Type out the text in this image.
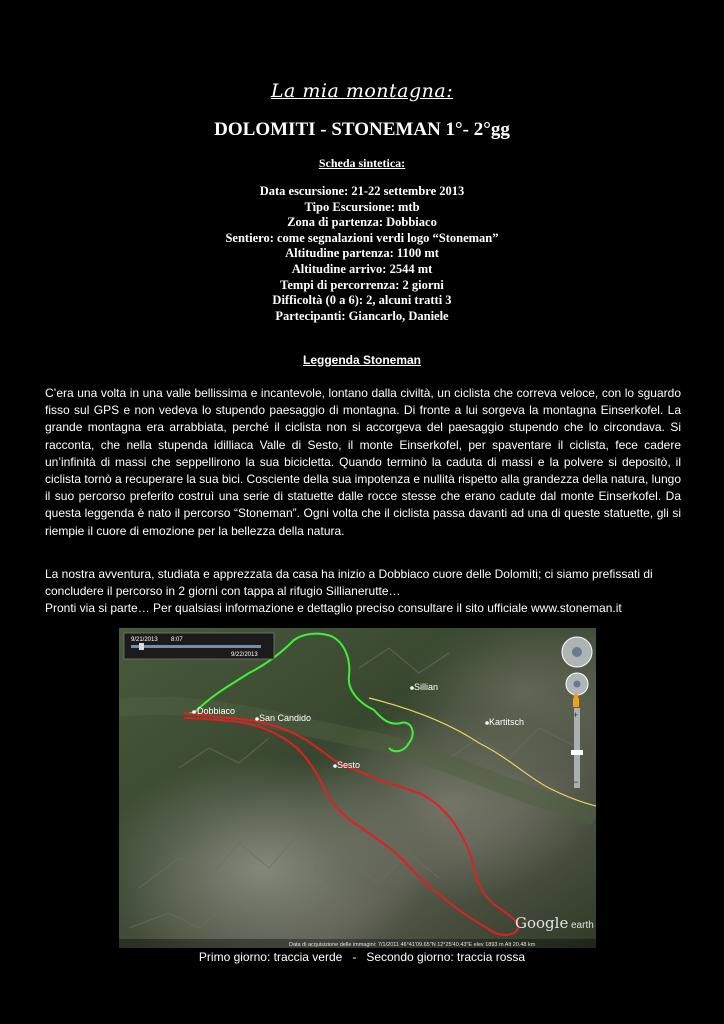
La mia montagna:
DOLOMITI - STONEMAN 1°- 2°gg
Scheda sintetica:
Data escursione: 21-22 settembre 2013
Tipo Escursione: mtb
Zona di partenza: Dobbiaco
Sentiero: come segnalazioni verdi logo “Stoneman”
Altitudine partenza: 1100 mt
Altitudine arrivo: 2544 mt
Tempi di percorrenza: 2 giorni
Difficoltà (0 a 6): 2, alcuni tratti 3
Partecipanti: Giancarlo, Daniele
Leggenda Stoneman
C’era una volta in una valle bellissima e incantevole, lontano dalla civiltà, un ciclista che correva veloce, con lo sguardo fisso sul GPS e non vedeva lo stupendo paesaggio di montagna. Di fronte a lui sorgeva la montagna Einserkofel. La grande montagna era arrabbiata, perché il ciclista non si accorgeva del paesaggio stupendo che lo circondava. Si racconta, che nella stupenda idilliaca Valle di Sesto, il monte Einserkofel, per spaventare il ciclista, fece cadere un’infinità di massi che seppellirono la sua bicicletta. Quando terminò la caduta di massi e la polvere si depositò, il ciclista tornò a recuperare la sua bici. Cosciente della sua impotenza e nullità rispetto alla grandezza della natura, lungo il suo percorso preferito costruì una serie di statuette dalle rocce stesse che erano cadute dal monte Einserkofel. Da questa leggenda è nato il percorso “Stoneman”. Ogni volta che il ciclista passa davanti ad una di queste statuette, gli si riempie il cuore di emozione per la bellezza della natura.
La nostra avventura, studiata e apprezzata da casa ha inizio a Dobbiaco cuore delle Dolomiti; ci siamo prefissati di
concludere il percorso in 2 giorni con tappa al rifugio Sillianerutte…
Pronti via si parte… Per qualsiasi informazione e dettaglio preciso consultare il sito ufficiale www.stoneman.it
9/21/2013 8:07
9/22/2013
+
−
Dobbiaco
San Candido
Sesto
Sillian
Kartitsch
Google earth
Data di acquisizione delle immagini: 7/1/2011 46°41'09.65"N 12°25'40.43"E elev 1893 m Alt 20.48 km
Primo giorno: traccia verde   -   Secondo giorno: traccia rossa
